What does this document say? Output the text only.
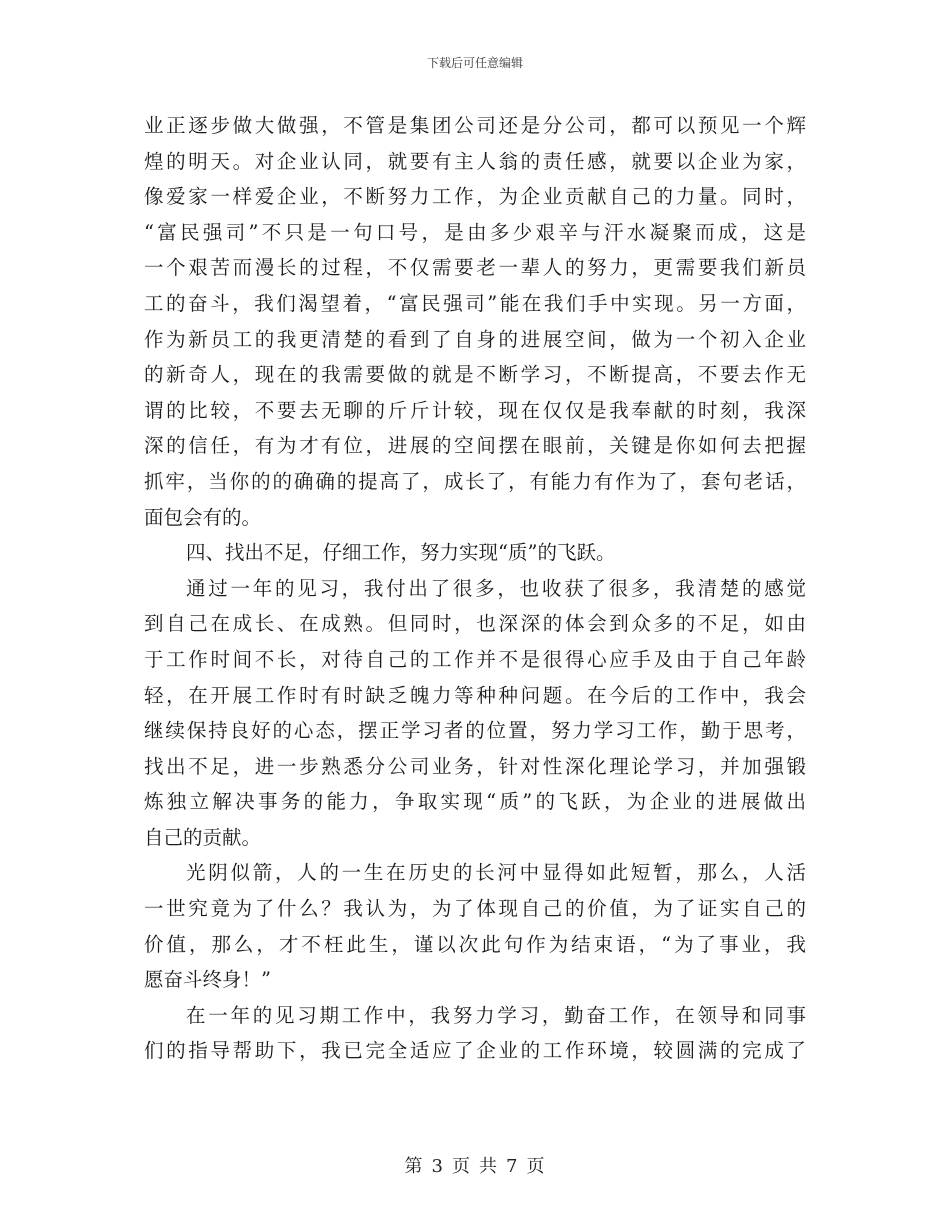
下载后可任意编辑
业正逐步做大做强，不管是集团公司还是分公司，都可以预见一个辉
煌的明天。对企业认同，就要有主人翁的责任感，就要以企业为家，
像爱家一样爱企业，不断努力工作，为企业贡献自己的力量。同时，
“富民强司”不只是一句口号，是由多少艰辛与汗水凝聚而成，这是
一个艰苦而漫长的过程，不仅需要老一辈人的努力，更需要我们新员
工的奋斗，我们渴望着，“富民强司”能在我们手中实现。另一方面，
作为新员工的我更清楚的看到了自身的进展空间，做为一个初入企业
的新奇人，现在的我需要做的就是不断学习，不断提高，不要去作无
谓的比较，不要去无聊的斤斤计较，现在仅仅是我奉献的时刻，我深
深的信任，有为才有位，进展的空间摆在眼前，关键是你如何去把握
抓牢，当你的的确确的提高了，成长了，有能力有作为了，套句老话，
面包会有的。
四、找出不足，仔细工作，努力实现“质”的飞跃。
通过一年的见习，我付出了很多，也收获了很多，我清楚的感觉
到自己在成长、在成熟。但同时，也深深的体会到众多的不足，如由
于工作时间不长，对待自己的工作并不是很得心应手及由于自己年龄
轻，在开展工作时有时缺乏魄力等种种问题。在今后的工作中，我会
继续保持良好的心态，摆正学习者的位置，努力学习工作，勤于思考，
找出不足，进一步熟悉分公司业务，针对性深化理论学习，并加强锻
炼独立解决事务的能力，争取实现“质”的飞跃，为企业的进展做出
自己的贡献。
光阴似箭，人的一生在历史的长河中显得如此短暂，那么，人活
一世究竟为了什么？我认为，为了体现自己的价值，为了证实自己的
价值，那么，才不枉此生，谨以次此句作为结束语，“为了事业，我
愿奋斗终身！”
在一年的见习期工作中，我努力学习，勤奋工作，在领导和同事
们的指导帮助下，我已完全适应了企业的工作环境，较圆满的完成了
第 3 页 共 7 页
